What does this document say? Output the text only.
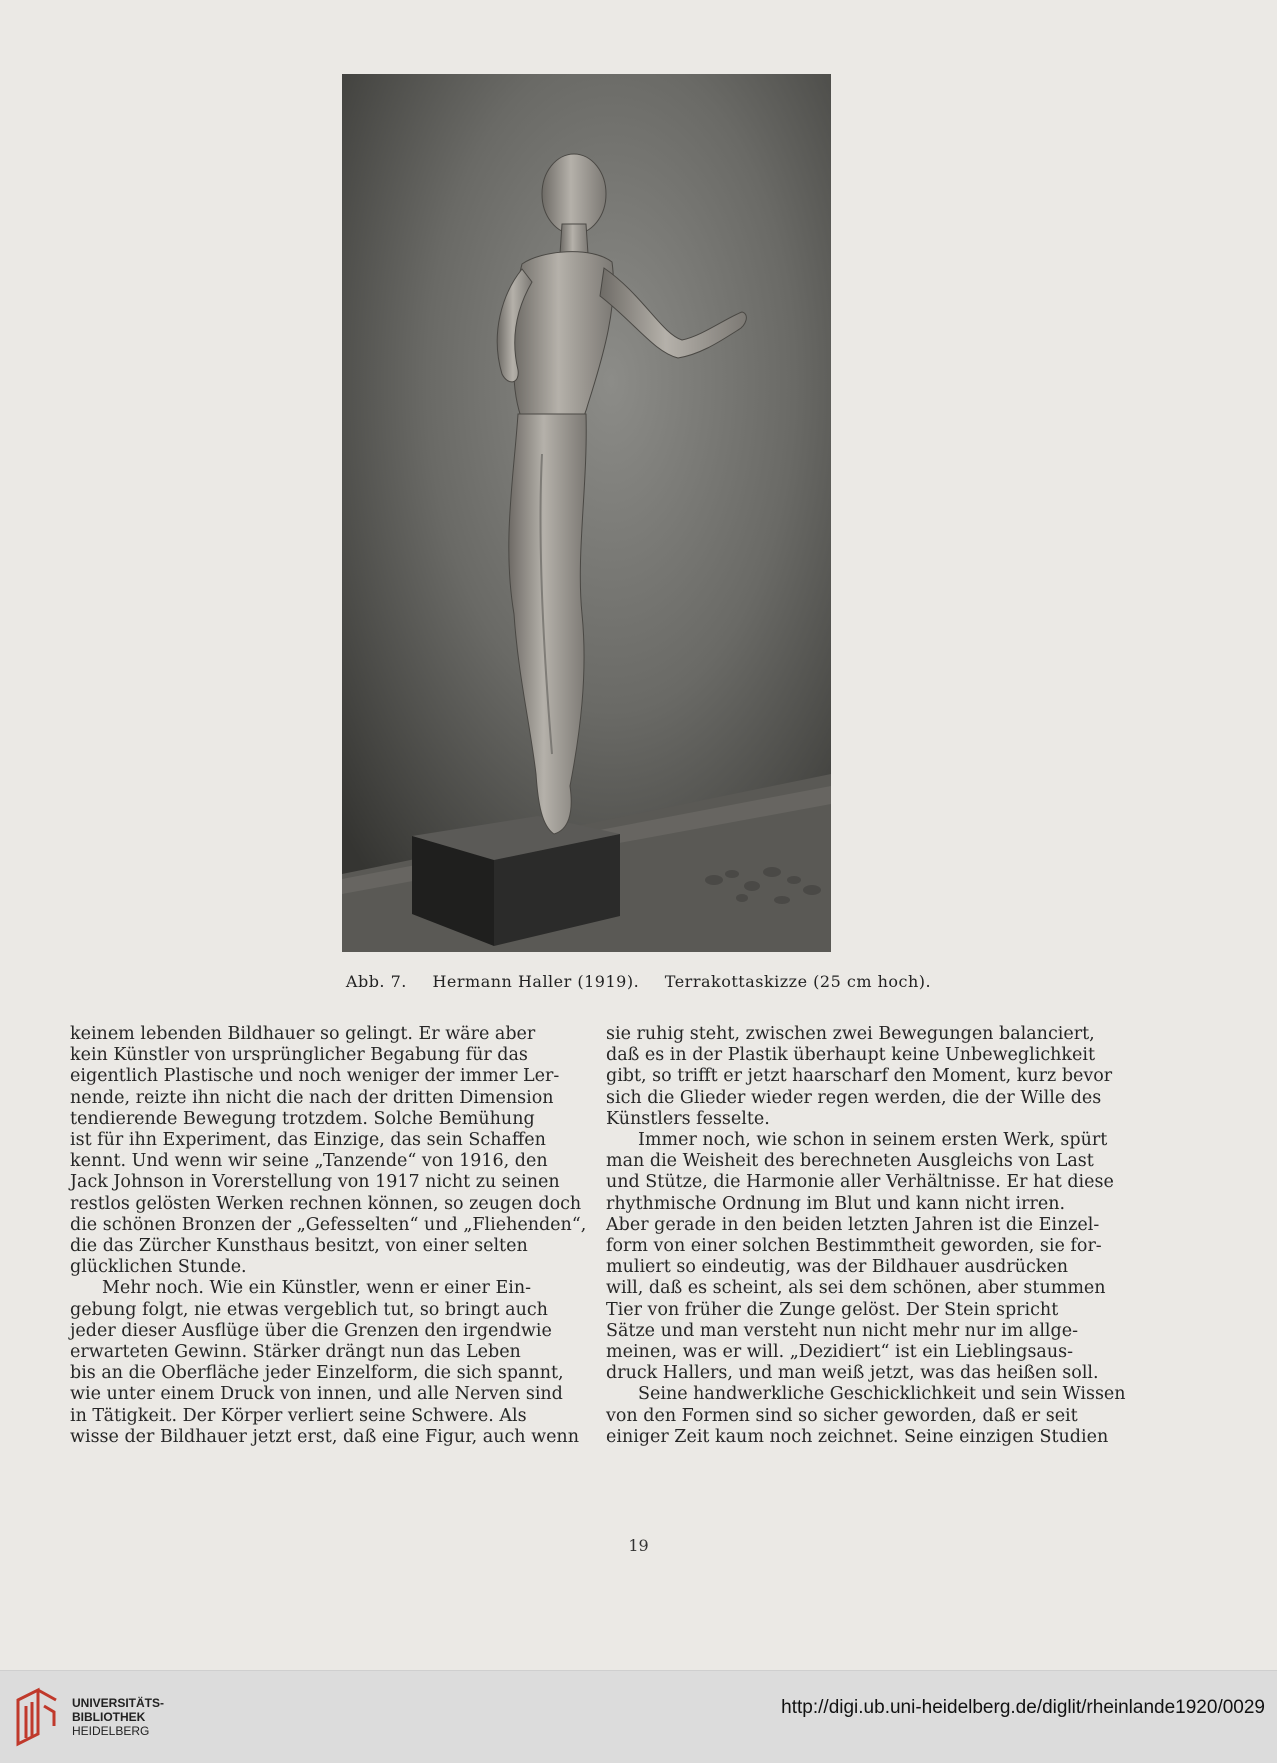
Abb. 7. Hermann Haller (1919). Terrakottaskizze (25 cm hoch).
keinem lebenden Bildhauer so gelingt. Er wäre aber
kein Künstler von ursprünglicher Begabung für das
eigentlich Plastische und noch weniger der immer Ler-
nende, reizte ihn nicht die nach der dritten Dimension
tendierende Bewegung trotzdem. Solche Bemühung
ist für ihn Experiment, das Einzige, das sein Schaffen
kennt. Und wenn wir seine „Tanzende“ von 1916, den
Jack Johnson in Vorerstellung von 1917 nicht zu seinen
restlos gelösten Werken rechnen können, so zeugen doch
die schönen Bronzen der „Gefesselten“ und „Fliehenden“,
die das Zürcher Kunsthaus besitzt, von einer selten
glücklichen Stunde.
Mehr noch. Wie ein Künstler, wenn er einer Ein-
gebung folgt, nie etwas vergeblich tut, so bringt auch
jeder dieser Ausflüge über die Grenzen den irgendwie
erwarteten Gewinn. Stärker drängt nun das Leben
bis an die Oberfläche jeder Einzelform, die sich spannt,
wie unter einem Druck von innen, und alle Nerven sind
in Tätigkeit. Der Körper verliert seine Schwere. Als
wisse der Bildhauer jetzt erst, daß eine Figur, auch wenn
sie ruhig steht, zwischen zwei Bewegungen balanciert,
daß es in der Plastik überhaupt keine Unbeweglichkeit
gibt, so trifft er jetzt haarscharf den Moment, kurz bevor
sich die Glieder wieder regen werden, die der Wille des
Künstlers fesselte.
Immer noch, wie schon in seinem ersten Werk, spürt
man die Weisheit des berechneten Ausgleichs von Last
und Stütze, die Harmonie aller Verhältnisse. Er hat diese
rhythmische Ordnung im Blut und kann nicht irren.
Aber gerade in den beiden letzten Jahren ist die Einzel-
form von einer solchen Bestimmtheit geworden, sie for-
muliert so eindeutig, was der Bildhauer ausdrücken
will, daß es scheint, als sei dem schönen, aber stummen
Tier von früher die Zunge gelöst. Der Stein spricht
Sätze und man versteht nun nicht mehr nur im allge-
meinen, was er will. „Dezidiert“ ist ein Lieblingsaus-
druck Hallers, und man weiß jetzt, was das heißen soll.
Seine handwerkliche Geschicklichkeit und sein Wissen
von den Formen sind so sicher geworden, daß er seit
einiger Zeit kaum noch zeichnet. Seine einzigen Studien
19
UNIVERSITÄTS-
BIBLIOTHEK
HEIDELBERG
http://digi.ub.uni-heidelberg.de/diglit/rheinlande1920/0029
